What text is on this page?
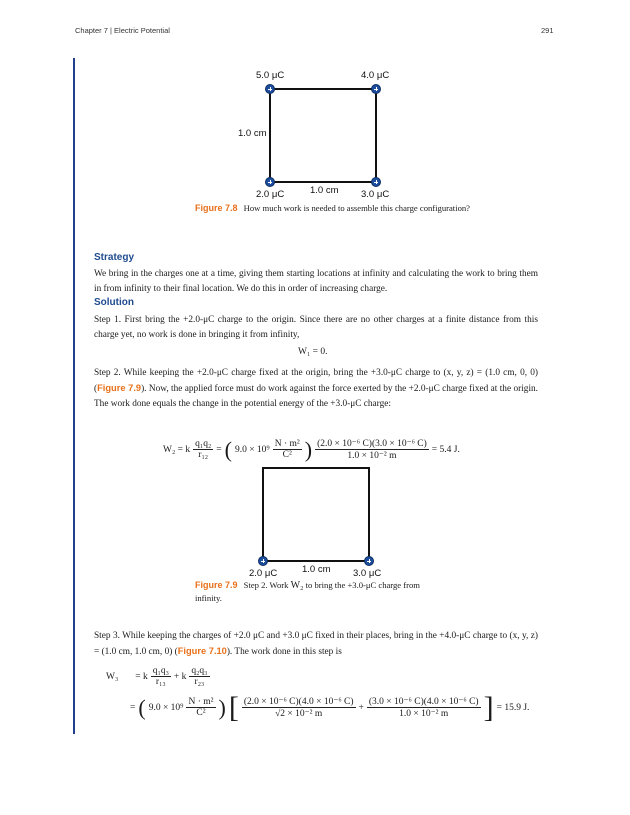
Chapter 7 | Electric Potential	291
5.0 μC	4.0 μC
1.0 cm
2.0 μC	1.0 cm 3.0 μC
Figure 7.8 How much work is needed to assemble this charge configuration?
Strategy
We bring in the charges one at a time, giving them starting locations at infinity and calculating the work to bring them in from infinity to their final location. We do this in order of increasing charge.
Solution
Step 1. First bring the +2.0-μC charge to the origin. Since there are no other charges at a finite distance from this charge yet, no work is done in bringing it from infinity,
W₁ = 0.
Step 2. While keeping the +2.0-μC charge fixed at the origin, bring the +3.0-μC charge to (x, y, z) = (1.0 cm, 0, 0) (Figure 7.9). Now, the applied force must do work against the force exerted by the +2.0-μC charge fixed at the origin. The work done equals the change in the potential energy of the +3.0-μC charge:
W₂ = k $\frac{\text{q₁q₂}}{\text{r₁₂}}$ = ( $9.0 \times 10^9 \frac{\text{N · m²}}{\text{C²}}$ ) $\frac{\text{(2.0 × 10⁻⁶ C)(3.0 × 10⁻⁶ C)}}{\text{1.0 × 10⁻² m}} = 5.4$ J.
2.0 μC	1.0 cm 3.0 μC
Figure 7.9 Step 2. Work W₂ to bring the +3.0-μC charge from infinity.
Step 3. While keeping the charges of +2.0 μC and +3.0 μC fixed in their places, bring in the +4.0-μC charge to (x, y, z) = (1.0 cm, 1.0 cm, 0) (Figure 7.10). The work done in this step is
W₃ = k $\frac{\text{q₁q₃}}{\text{r₁₃}} + k \frac{\text{q₂q₃}}{\text{r₂₃}}$
= ( $9.0 \times 10^9 \frac{\text{N · m²}}{\text{C²}}$ ) [ $\frac{\text{(2.0 × 10⁻⁶ C)(4.0 × 10⁻⁶ C)}}{\text{√2 × 10⁻² m}} + \frac{\text{(3.0 × 10⁻⁶ C)(4.0 × 10⁻⁶ C)}}{\text{1.0 × 10⁻² m}}$ ] = 15.9 J.
